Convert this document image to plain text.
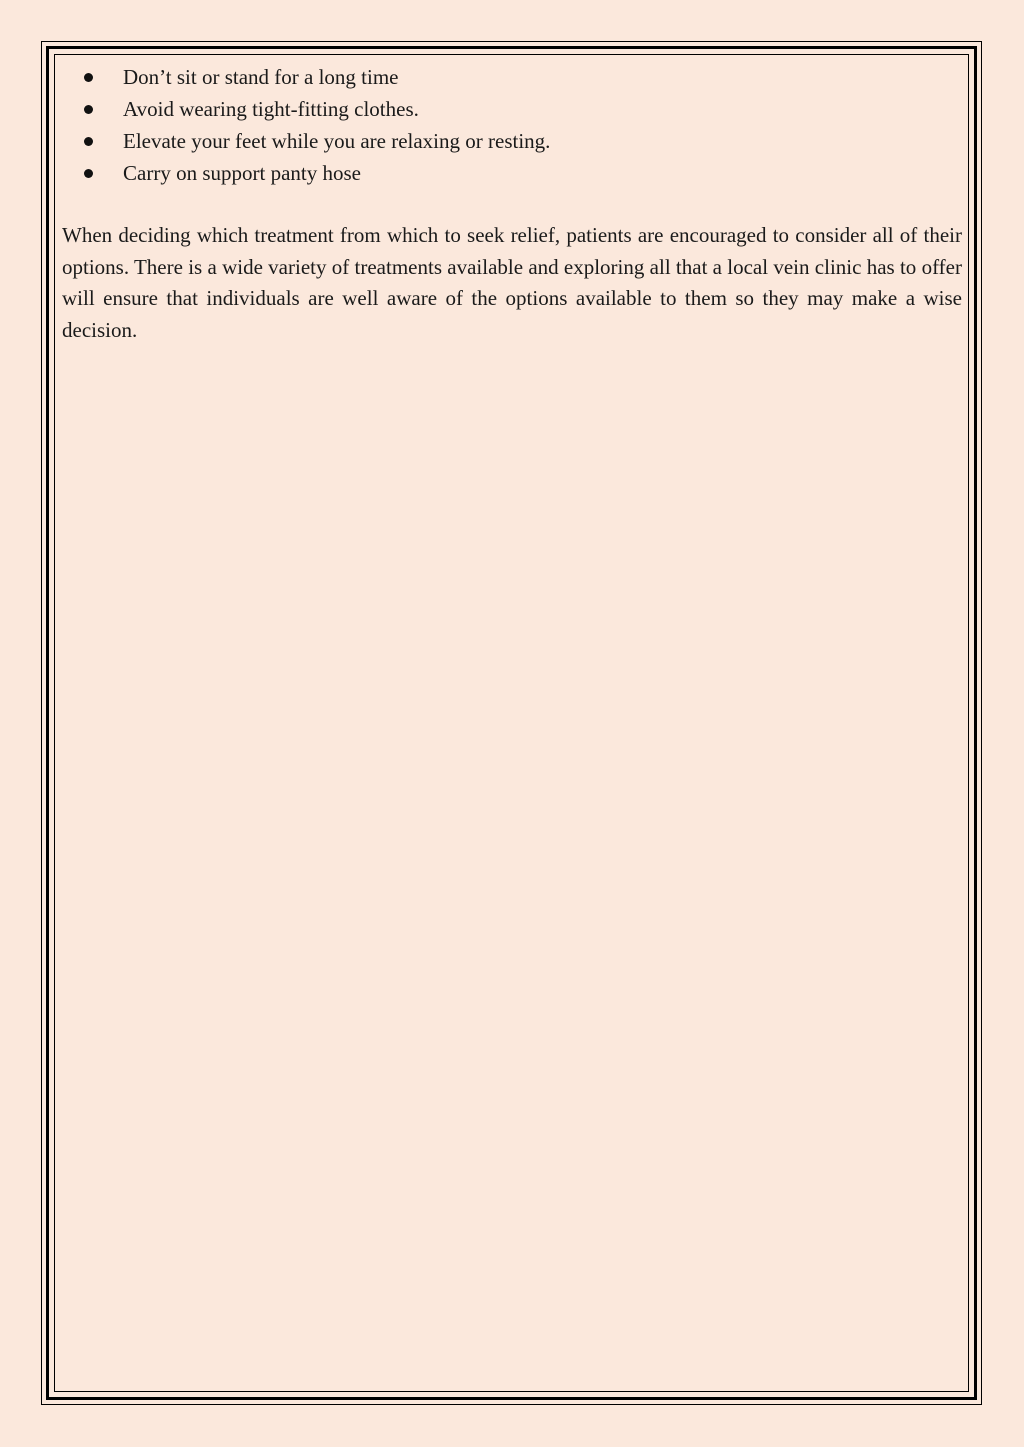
Don’t sit or stand for a long time
Avoid wearing tight-fitting clothes.
Elevate your feet while you are relaxing or resting.
Carry on support panty hose

When deciding which treatment from which to seek relief, patients are encouraged to consider all of their options. There is a wide variety of treatments available and exploring all that a local vein clinic has to offer will ensure that individuals are well aware of the options available to them so they may make a wise decision.
